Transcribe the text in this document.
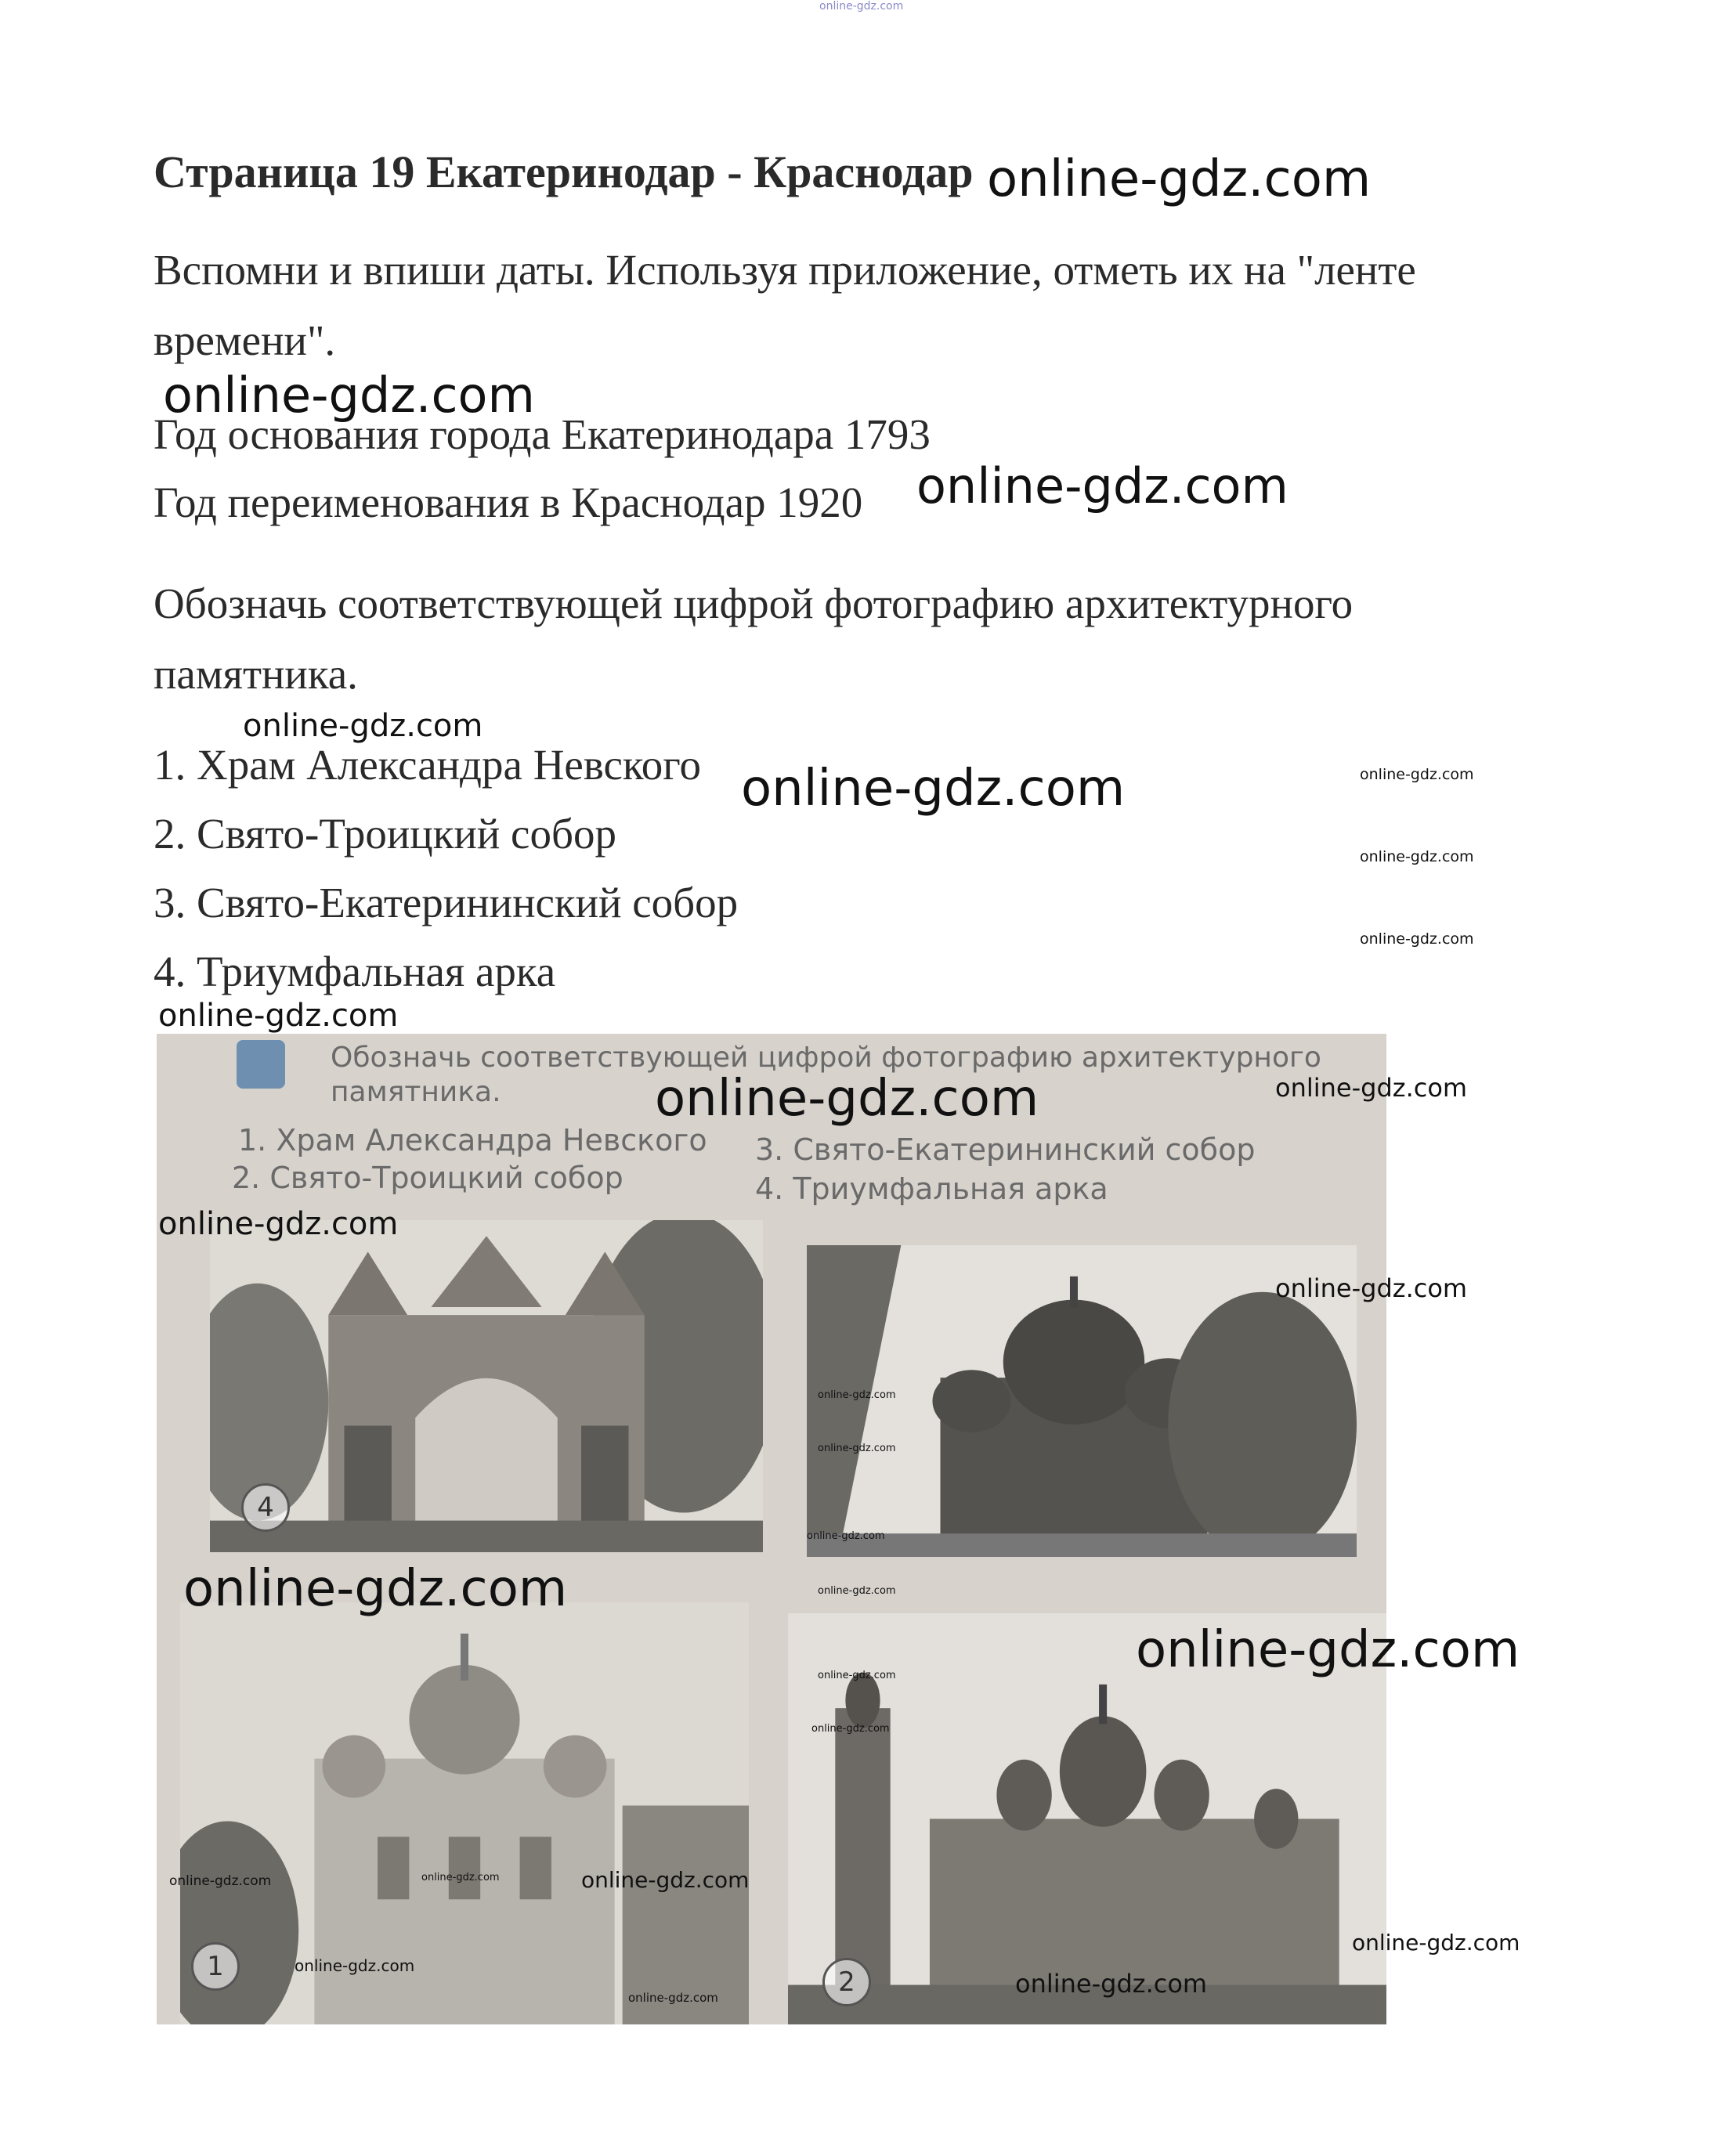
online-gdz.com
Страница 19 Екатеринодар - Краснодар online-gdz.com
Вспомни и впиши даты. Используя приложение, отметь их на "ленте
времени".
online-gdz.com
Год основания города Екатеринодара 1793
Год переименования в Краснодар 1920 online-gdz.com
Обозначь соответствующей цифрой фотографию архитектурного
памятника.
online-gdz.com
1. Храм Александра Невского
2. Свято-Троицкий собор
3. Свято-Екатерининский собор
4. Триумфальная арка
online-gdz.com	online-gdz.com
online-gdz.com
online-gdz.com
online-gdz.com
Обозначь соответствующей цифрой фотографию архитектурного
памятника.
1. Храм Александра Невского
2. Свято-Троицкий собор
3. Свято-Екатерининский собор
4. Триумфальная арка
4
1	2
online-gdz.com	online-gdz.com
online-gdz.com
online-gdz.com
online-gdz.com
online-gdz.com
online-gdz.com
online-gdz.com
online-gdz.com
online-gdz.com
online-gdz.com
online-gdz.com
online-gdz.com	online-gdz.com	online-gdz.com
online-gdz.com
online-gdz.com
online-gdz.com
online-gdz.com
